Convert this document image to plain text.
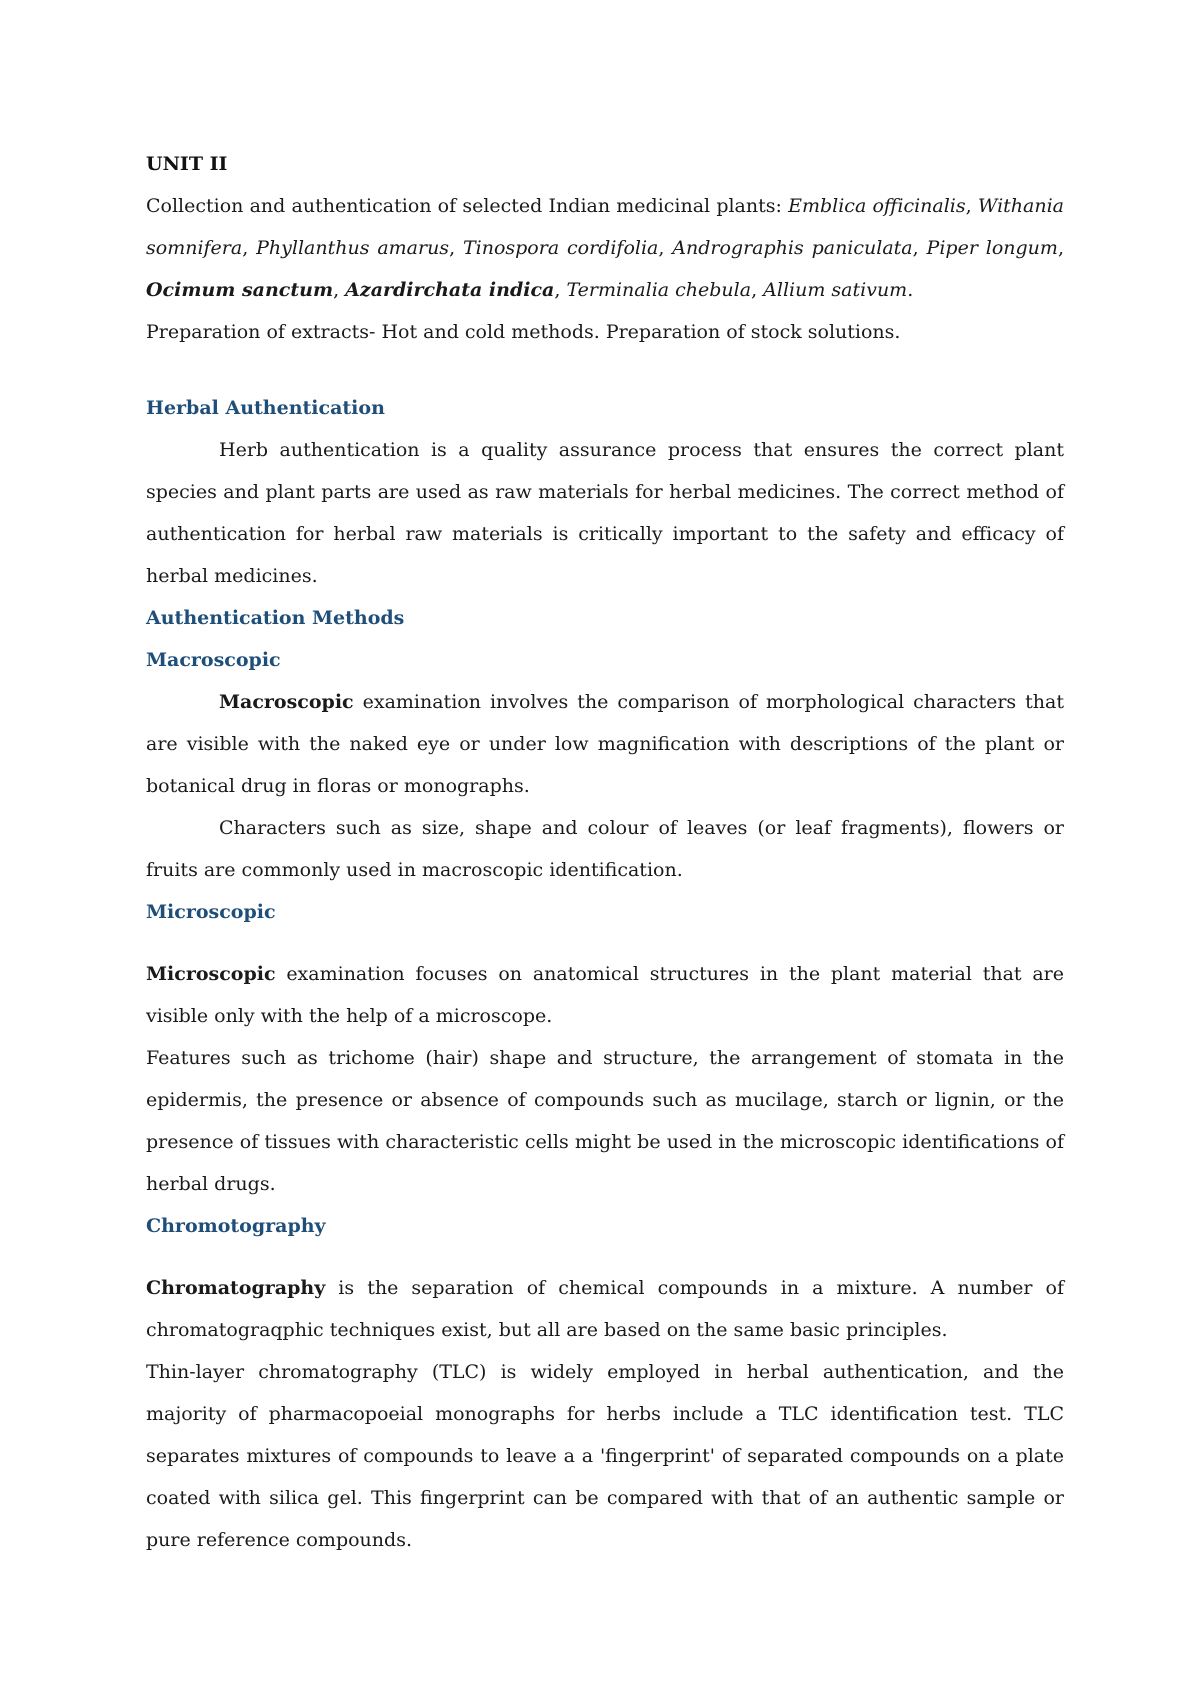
UNIT II

Collection and authentication of selected Indian medicinal plants: Emblica officinalis, Withania somnifera, Phyllanthus amarus, Tinospora cordifolia, Andrographis paniculata, Piper longum, Ocimum sanctum, Azardirchata indica, Terminalia chebula, Allium sativum.

Preparation of extracts- Hot and cold methods. Preparation of stock solutions.

Herbal Authentication

Herb authentication is a quality assurance process that ensures the correct plant species and plant parts are used as raw materials for herbal medicines. The correct method of authentication for herbal raw materials is critically important to the safety and efficacy of herbal medicines.

Authentication Methods

Macroscopic

Macroscopic examination involves the comparison of morphological characters that are visible with the naked eye or under low magnification with descriptions of the plant or botanical drug in floras or monographs.

Characters such as size, shape and colour of leaves (or leaf fragments), flowers or fruits are commonly used in macroscopic identification.

Microscopic

Microscopic examination focuses on anatomical structures in the plant material that are visible only with the help of a microscope.

Features such as trichome (hair) shape and structure, the arrangement of stomata in the epidermis, the presence or absence of compounds such as mucilage, starch or lignin, or the presence of tissues with characteristic cells might be used in the microscopic identifications of herbal drugs.

Chromotography

Chromatography is the separation of chemical compounds in a mixture. A number of chromatograqphic techniques exist, but all are based on the same basic principles.

Thin-layer chromatography (TLC) is widely employed in herbal authentication, and the majority of pharmacopoeial monographs for herbs include a TLC identification test. TLC separates mixtures of compounds to leave a a 'fingerprint' of separated compounds on a plate coated with silica gel. This fingerprint can be compared with that of an authentic sample or pure reference compounds.
